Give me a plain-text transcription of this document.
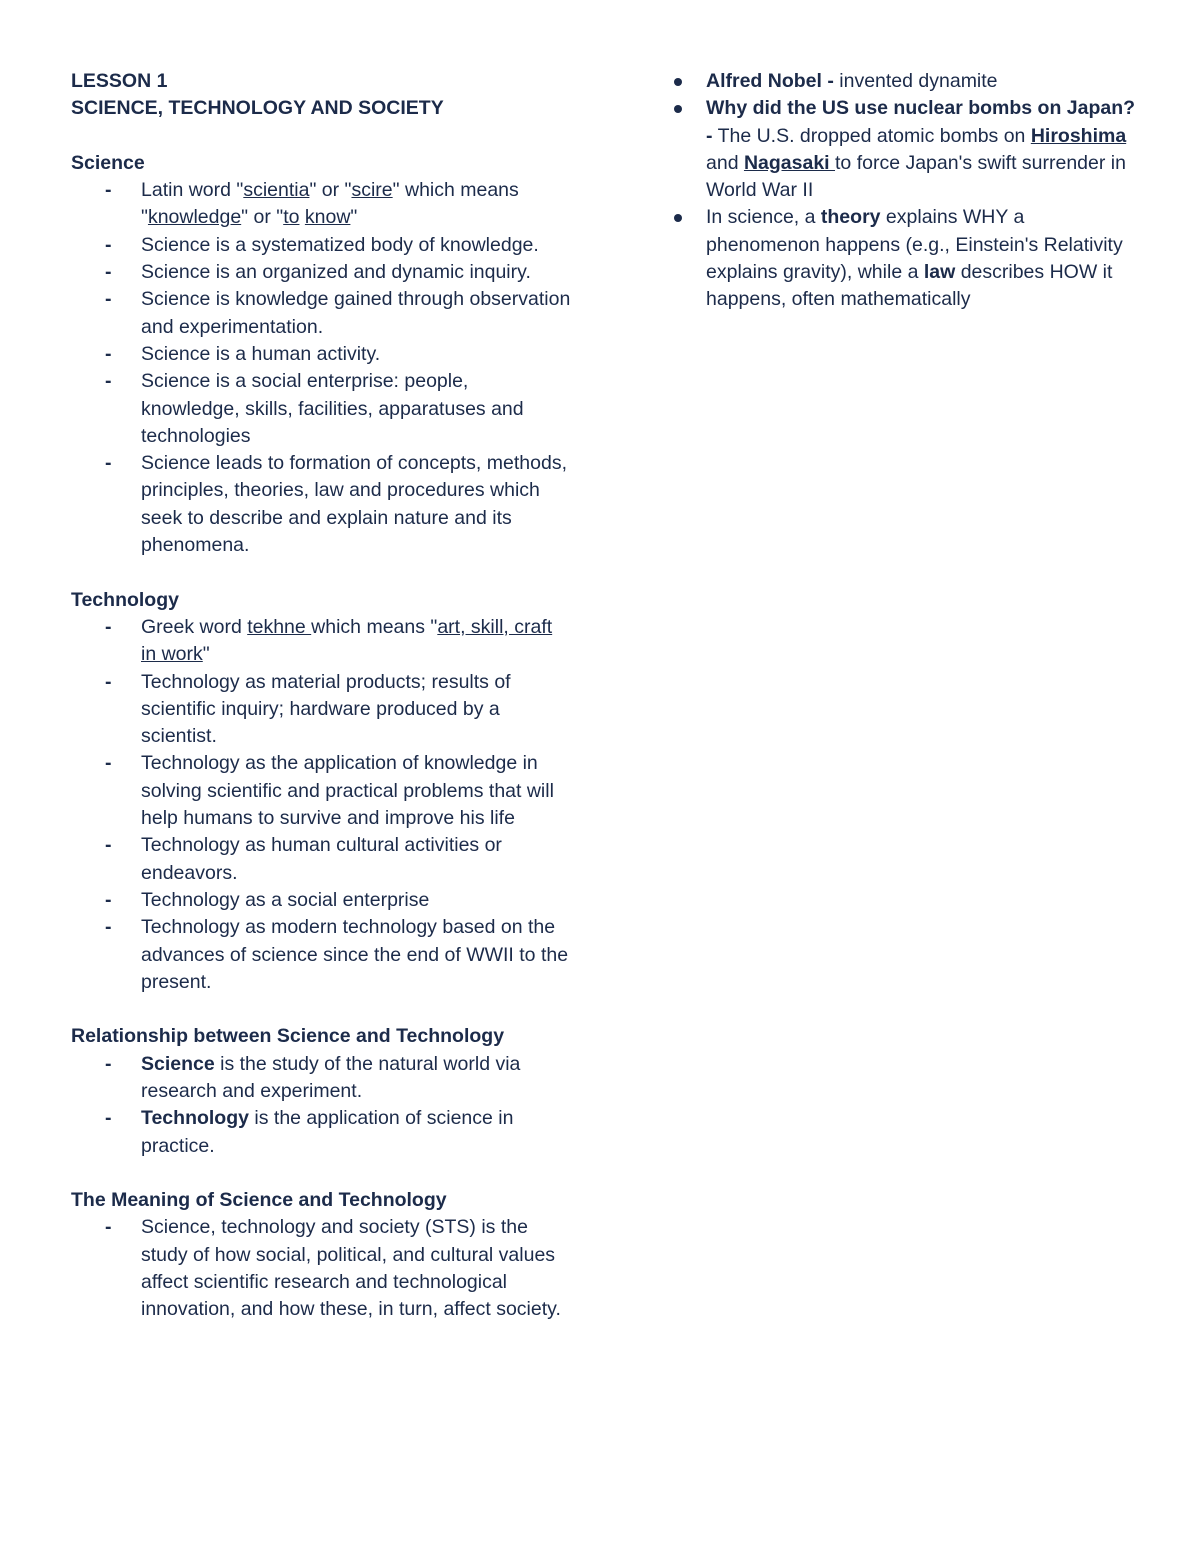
LESSON 1

SCIENCE, TECHNOLOGY AND SOCIETY

Science

- Latin word "scientia" or "scire" which means "knowledge" or "to know"
- Science is a systematized body of knowledge.
- Science is an organized and dynamic inquiry.
- Science is knowledge gained through observation and experimentation.
- Science is a human activity.
- Science is a social enterprise: people, knowledge, skills, facilities, apparatuses and technologies
- Science leads to formation of concepts, methods, principles, theories, law and procedures which seek to describe and explain nature and its phenomena.

Technology

- Greek word tekhne which means "art, skill, craft in work"
- Technology as material products; results of scientific inquiry; hardware produced by a scientist.
- Technology as the application of knowledge in solving scientific and practical problems that will help humans to survive and improve his life
- Technology as human cultural activities or endeavors.
- Technology as a social enterprise
- Technology as modern technology based on the advances of science since the end of WWII to the present.

Relationship between Science and Technology

- Science is the study of the natural world via research and experiment.
- Technology is the application of science in practice.

The Meaning of Science and Technology

- Science, technology and society (STS) is the study of how social, political, and cultural values affect scientific research and technological innovation, and how these, in turn, affect society.
Alfred Nobel - invented dynamite
Why did the US use nuclear bombs on Japan? - The U.S. dropped atomic bombs on Hiroshima and Nagasaki to force Japan's swift surrender in World War II
In science, a theory explains WHY a phenomenon happens (e.g., Einstein's Relativity explains gravity), while a law describes HOW it happens, often mathematically
